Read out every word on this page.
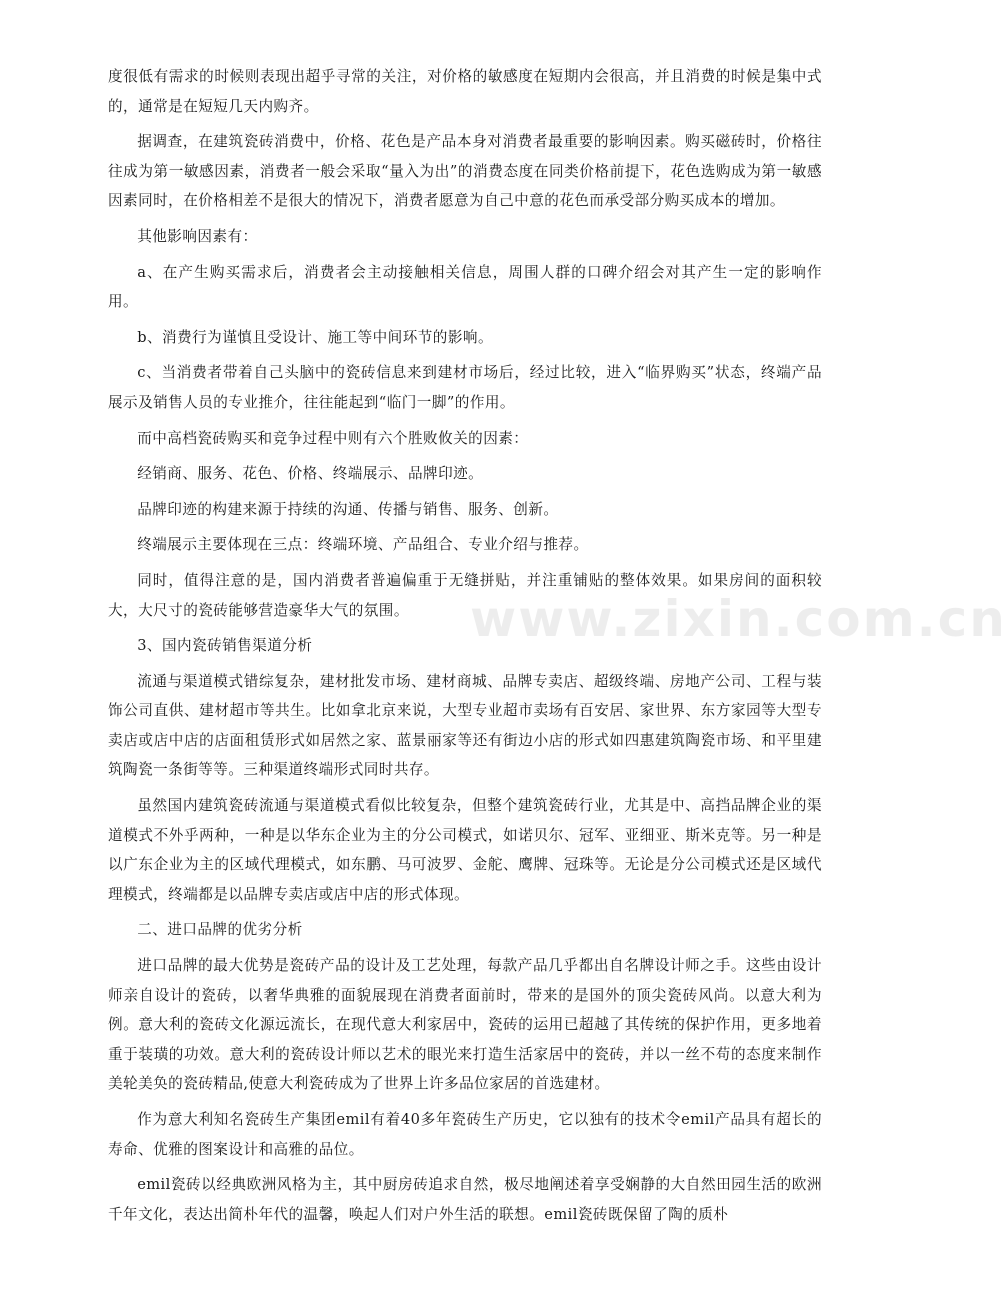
度很低有需求的时候则表现出超乎寻常的关注，对价格的敏感度在短期内会很高，并且消费的时候是集中式的，通常是在短短几天内购齐。

据调查，在建筑瓷砖消费中，价格、花色是产品本身对消费者最重要的影响因素。购买磁砖时，价格往往成为第一敏感因素，消费者一般会采取“量入为出”的消费态度在同类价格前提下，花色选购成为第一敏感因素同时，在价格相差不是很大的情况下，消费者愿意为自己中意的花色而承受部分购买成本的增加。

其他影响因素有：

a、在产生购买需求后，消费者会主动接触相关信息，周围人群的口碑介绍会对其产生一定的影响作用。

b、消费行为谨慎且受设计、施工等中间环节的影响。

c、当消费者带着自己头脑中的瓷砖信息来到建材市场后，经过比较，进入“临界购买”状态，终端产品展示及销售人员的专业推介，往往能起到“临门一脚”的作用。

而中高档瓷砖购买和竞争过程中则有六个胜败攸关的因素：

经销商、服务、花色、价格、终端展示、品牌印迹。

品牌印迹的构建来源于持续的沟通、传播与销售、服务、创新。

终端展示主要体现在三点：终端环境、产品组合、专业介绍与推荐。

同时，值得注意的是，国内消费者普遍偏重于无缝拼贴，并注重铺贴的整体效果。如果房间的面积较大，大尺寸的瓷砖能够营造豪华大气的氛围。

3、国内瓷砖销售渠道分析

流通与渠道模式错综复杂，建材批发市场、建材商城、品牌专卖店、超级终端、房地产公司、工程与装饰公司直供、建材超市等共生。比如拿北京来说，大型专业超市卖场有百安居、家世界、东方家园等大型专卖店或店中店的店面租赁形式如居然之家、蓝景丽家等还有街边小店的形式如四惠建筑陶瓷市场、和平里建筑陶瓷一条街等等。三种渠道终端形式同时共存。

虽然国内建筑瓷砖流通与渠道模式看似比较复杂，但整个建筑瓷砖行业，尤其是中、高挡品牌企业的渠道模式不外乎两种，一种是以华东企业为主的分公司模式，如诺贝尔、冠军、亚细亚、斯米克等。另一种是以广东企业为主的区域代理模式，如东鹏、马可波罗、金舵、鹰牌、冠珠等。无论是分公司模式还是区域代理模式，终端都是以品牌专卖店或店中店的形式体现。

二、进口品牌的优劣分析

进口品牌的最大优势是瓷砖产品的设计及工艺处理，每款产品几乎都出自名牌设计师之手。这些由设计师亲自设计的瓷砖，以奢华典雅的面貌展现在消费者面前时，带来的是国外的顶尖瓷砖风尚。以意大利为例。意大利的瓷砖文化源远流长，在现代意大利家居中，瓷砖的运用已超越了其传统的保护作用，更多地着重于装璜的功效。意大利的瓷砖设计师以艺术的眼光来打造生活家居中的瓷砖，并以一丝不苟的态度来制作美轮美奂的瓷砖精品,使意大利瓷砖成为了世界上许多品位家居的首选建材。

作为意大利知名瓷砖生产集团emil有着40多年瓷砖生产历史，它以独有的技术令emil产品具有超长的寿命、优雅的图案设计和高雅的品位。

emil瓷砖以经典欧洲风格为主，其中厨房砖追求自然，极尽地阐述着享受娴静的大自然田园生活的欧洲千年文化，表达出简朴年代的温馨，唤起人们对户外生活的联想。emil瓷砖既保留了陶的质朴

www.zixin.com.cn
